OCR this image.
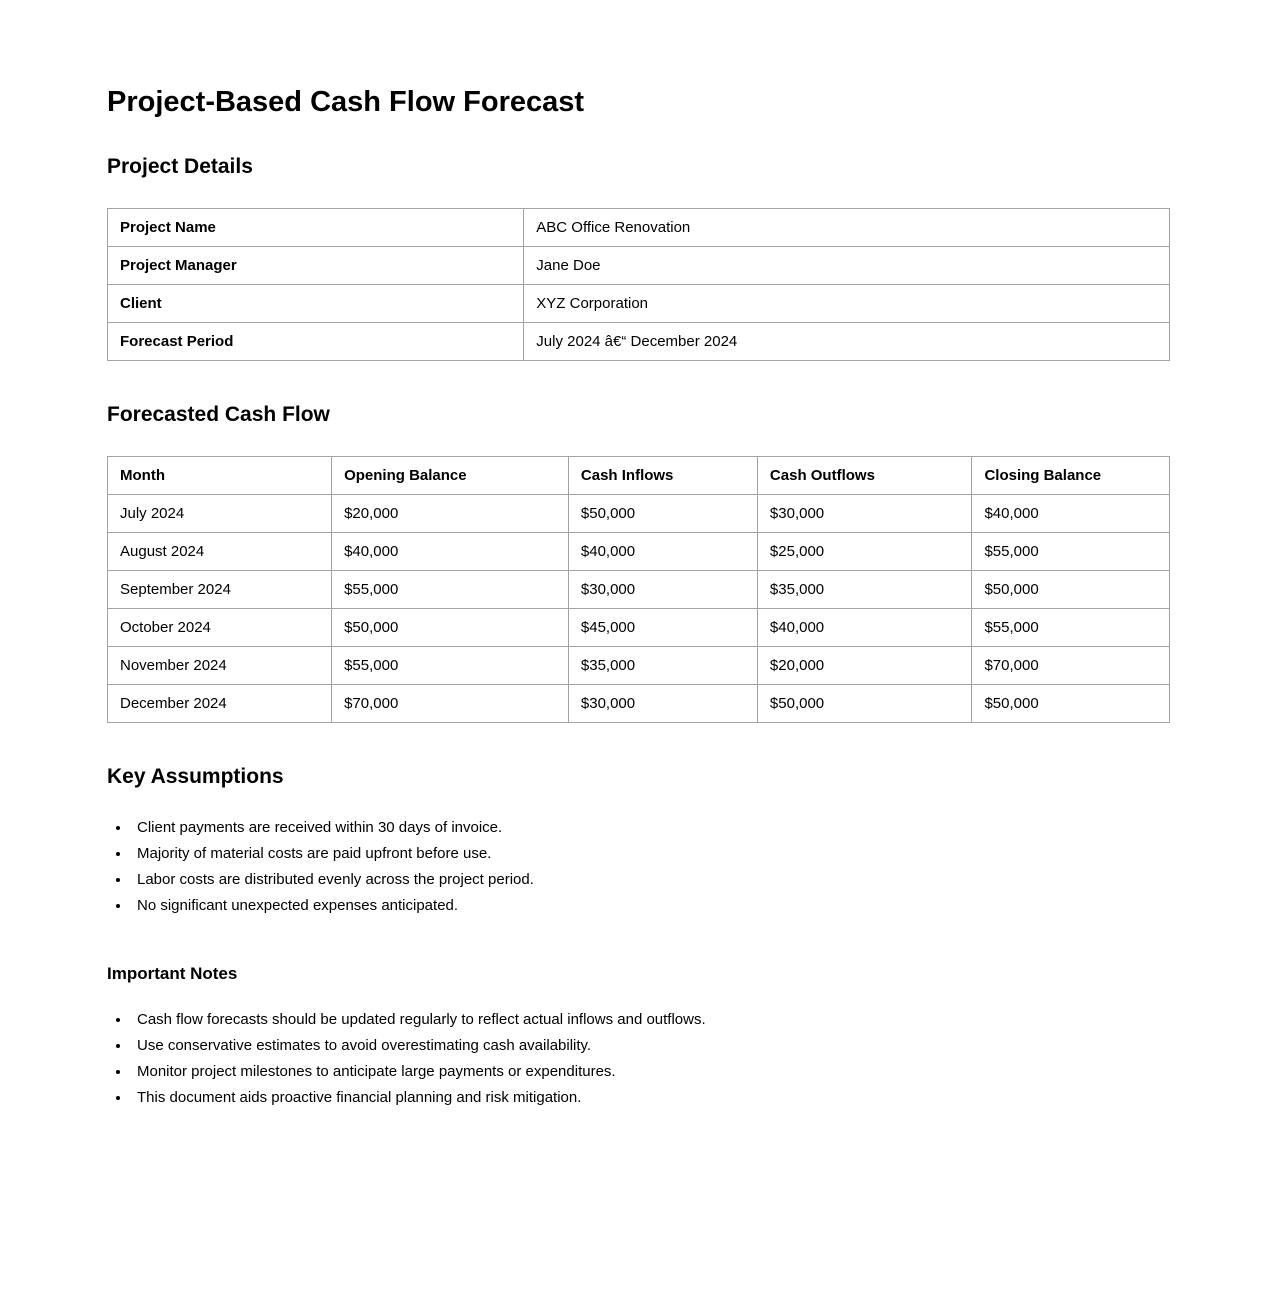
Project-Based Cash Flow Forecast
Project Details
Project Name	ABC Office Renovation
Project Manager	Jane Doe
Client	XYZ Corporation
Forecast Period	July 2024 â€“ December 2024
Forecasted Cash Flow
Month	Opening Balance	Cash Inflows	Cash Outflows	Closing Balance
July 2024	$20,000	$50,000	$30,000	$40,000
August 2024	$40,000	$40,000	$25,000	$55,000
September 2024	$55,000	$30,000	$35,000	$50,000
October 2024	$50,000	$45,000	$40,000	$55,000
November 2024	$55,000	$35,000	$20,000	$70,000
December 2024	$70,000	$30,000	$50,000	$50,000
Key Assumptions
• Client payments are received within 30 days of invoice.
• Majority of material costs are paid upfront before use.
• Labor costs are distributed evenly across the project period.
• No significant unexpected expenses anticipated.
Important Notes
• Cash flow forecasts should be updated regularly to reflect actual inflows and outflows.
• Use conservative estimates to avoid overestimating cash availability.
• Monitor project milestones to anticipate large payments or expenditures.
• This document aids proactive financial planning and risk mitigation.
